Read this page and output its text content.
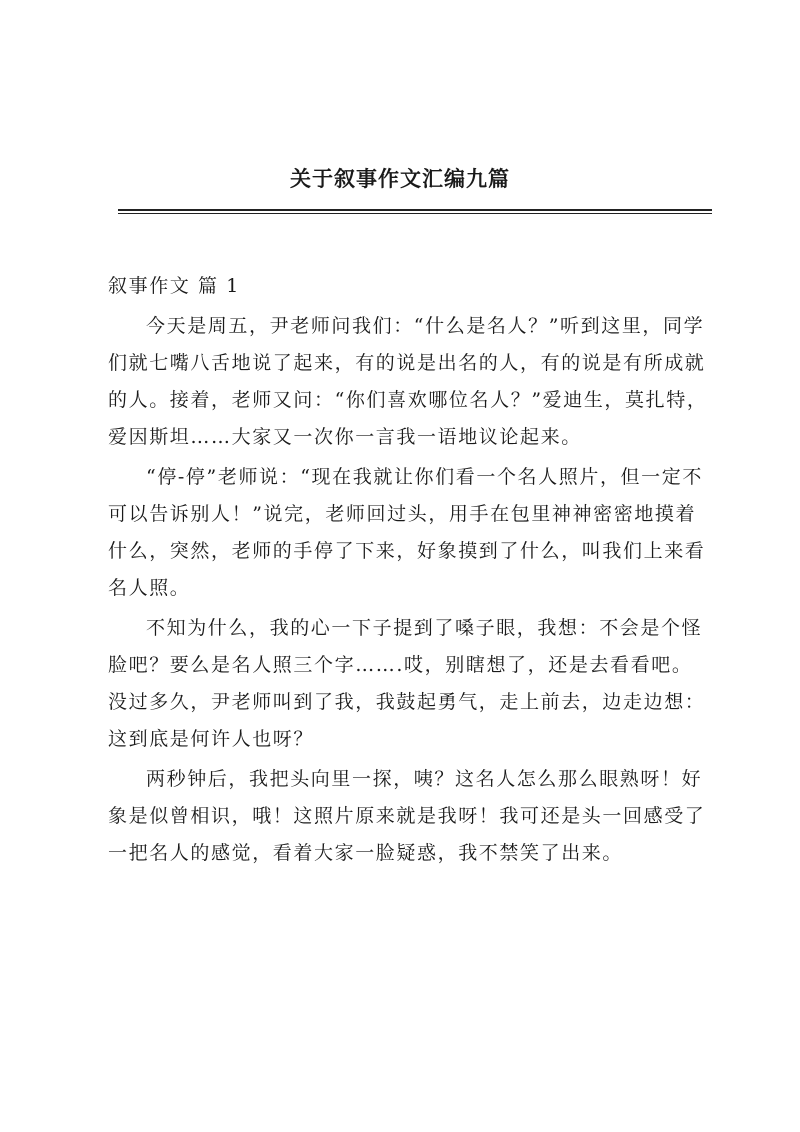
关于叙事作文汇编九篇
叙事作文 篇 1

今天是周五，尹老师问我们：“什么是名人？”听到这里，同学们就七嘴八舌地说了起来，有的说是出名的人，有的说是有所成就的人。接着，老师又问：“你们喜欢哪位名人？”爱迪生，莫扎特，爱因斯坦……大家又一次你一言我一语地议论起来。

“停-停”老师说：“现在我就让你们看一个名人照片，但一定不可以告诉别人！”说完，老师回过头，用手在包里神神密密地摸着什么，突然，老师的手停了下来，好象摸到了什么，叫我们上来看名人照。

不知为什么，我的心一下子提到了嗓子眼，我想：不会是个怪脸吧？要么是名人照三个字…….哎，别瞎想了，还是去看看吧。没过多久，尹老师叫到了我，我鼓起勇气，走上前去，边走边想：这到底是何许人也呀？

两秒钟后，我把头向里一探，咦？这名人怎么那么眼熟呀！好象是似曾相识，哦！这照片原来就是我呀！我可还是头一回感受了一把名人的感觉，看着大家一脸疑惑，我不禁笑了出来。
